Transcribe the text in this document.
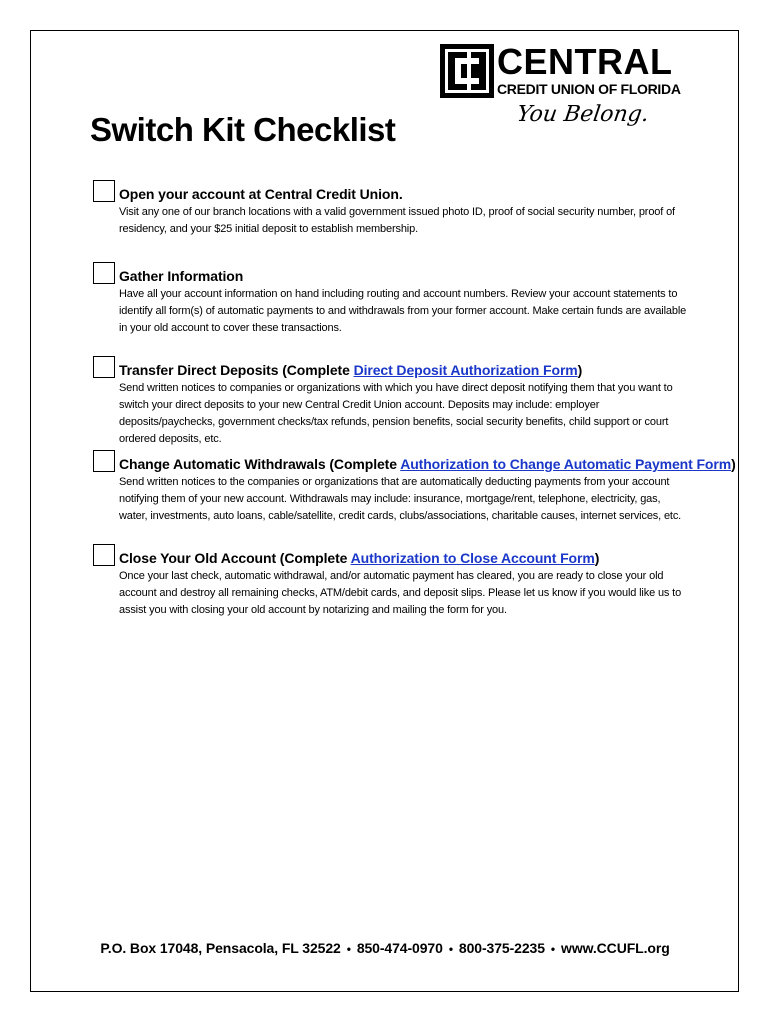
CENTRAL
CREDIT UNION OF FLORIDA
You Belong.
Switch Kit Checklist
Open your account at Central Credit Union.
Visit any one of our branch locations with a valid government issued photo ID, proof of social security number, proof of residency, and your $25 initial deposit to establish membership.
Gather Information
Have all your account information on hand including routing and account numbers. Review your account statements to identify all form(s) of automatic payments to and withdrawals from your former account. Make certain funds are available in your old account to cover these transactions.
Transfer Direct Deposits (Complete Direct Deposit Authorization Form)
Send written notices to companies or organizations with which you have direct deposit notifying them that you want to switch your direct deposits to your new Central Credit Union account. Deposits may include: employer deposits/paychecks, government checks/tax refunds, pension benefits, social security benefits, child support or court ordered deposits, etc.
Change Automatic Withdrawals (Complete Authorization to Change Automatic Payment Form)
Send written notices to the companies or organizations that are automatically deducting payments from your account notifying them of your new account. Withdrawals may include: insurance, mortgage/rent, telephone, electricity, gas, water, investments, auto loans, cable/satellite, credit cards, clubs/associations, charitable causes, internet services, etc.
Close Your Old Account (Complete Authorization to Close Account Form)
Once your last check, automatic withdrawal, and/or automatic payment has cleared, you are ready to close your old account and destroy all remaining checks, ATM/debit cards, and deposit slips. Please let us know if you would like us to assist you with closing your old account by notarizing and mailing the form for you.
P.O. Box 17048, Pensacola, FL 32522 • 850-474-0970 • 800-375-2235 • www.CCUFL.org
